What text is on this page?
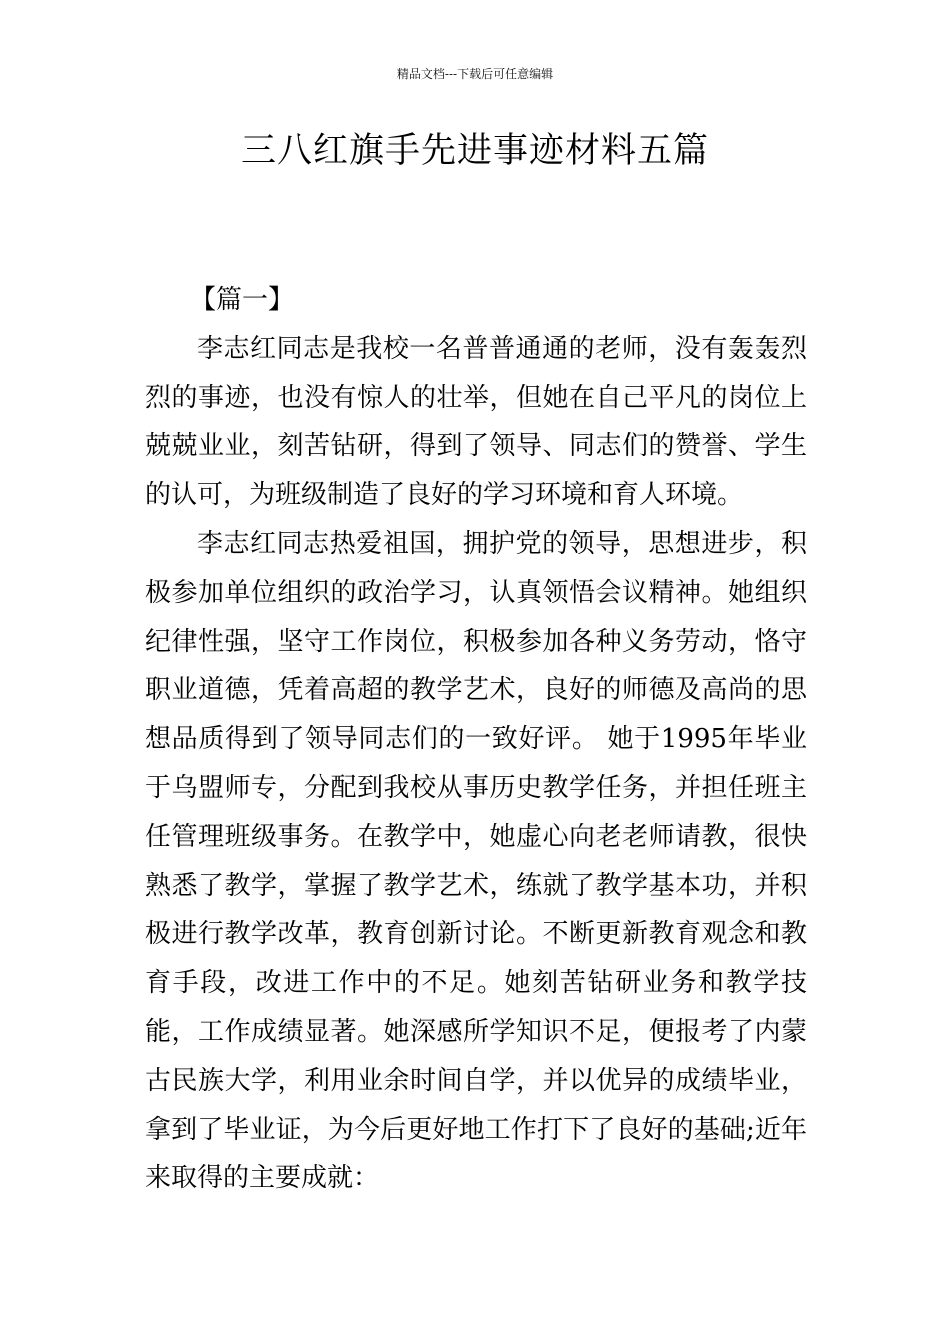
精品文档---下载后可任意编辑
三八红旗手先进事迹材料五篇
【篇一】

李志红同志是我校一名普普通通的老师，没有轰轰烈烈的事迹，也没有惊人的壮举，但她在自己平凡的岗位上兢兢业业，刻苦钻研，得到了领导、同志们的赞誉、学生的认可，为班级制造了良好的学习环境和育人环境。

李志红同志热爱祖国，拥护党的领导，思想进步，积极参加单位组织的政治学习，认真领悟会议精神。她组织纪律性强，坚守工作岗位，积极参加各种义务劳动，恪守职业道德，凭着高超的教学艺术，良好的师德及高尚的思想品质得到了领导同志们的一致好评。 她于1995年毕业于乌盟师专，分配到我校从事历史教学任务，并担任班主任管理班级事务。在教学中，她虚心向老老师请教，很快熟悉了教学，掌握了教学艺术，练就了教学基本功，并积极进行教学改革，教育创新讨论。不断更新教育观念和教育手段，改进工作中的不足。她刻苦钻研业务和教学技能，工作成绩显著。她深感所学知识不足，便报考了内蒙古民族大学，利用业余时间自学，并以优异的成绩毕业，拿到了毕业证，为今后更好地工作打下了良好的基础;近年来取得的主要成就：
